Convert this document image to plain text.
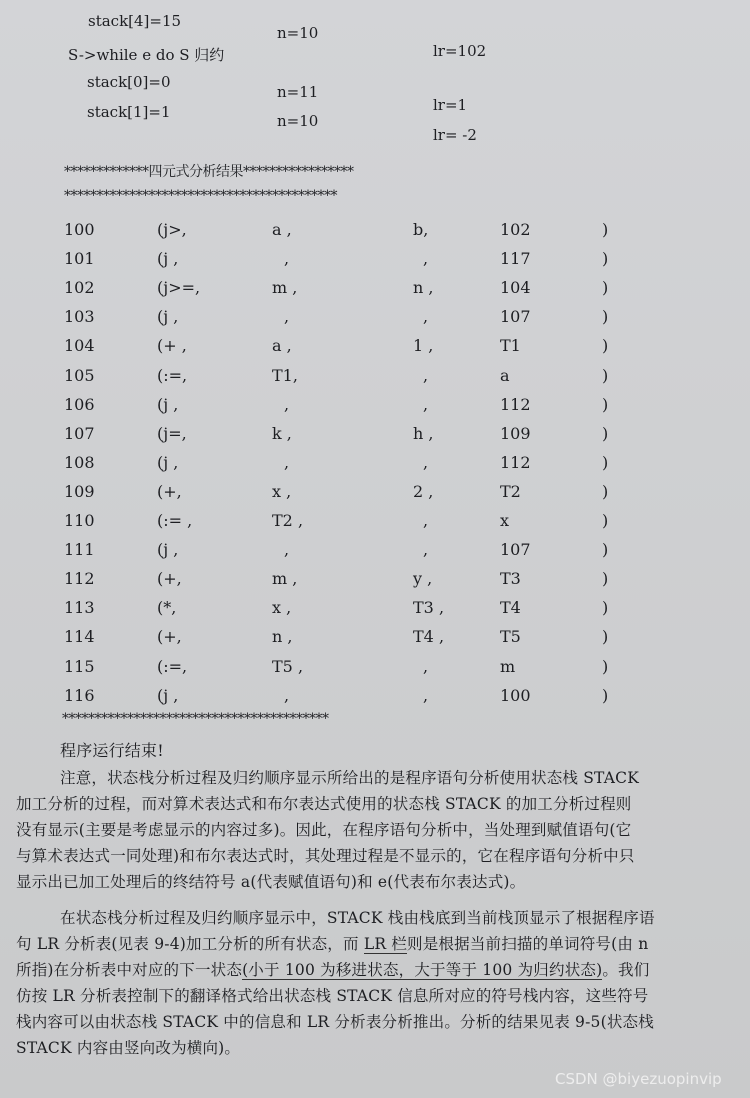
stack[4]=15
n=10
S->while e do S 归约	lr=102
stack[0]=0
n=11
stack[1]=1	n=10
lr=1
lr= -2
*************四元式分析结果*****************
******************************************
100	(j>,	a ,	b,	102	)
101	(j ,	,	,	117	)
102	(j>=,	m ,	n ,	104	)
103	(j ,	,	,	107	)
104	(+ ,	a ,	1 ,	T1	)
105	(:=,	T1,	,	a	)
106	(j ,	,	,	112	)
107	(j=,	k ,	h ,	109	)
108	(j ,	,	,	112	)
109	(+,	x ,	2 ,	T2	)
110	(:= ,	T2 ,	,	x	)
111	(j ,	,	,	107	)
112	(+,	m ,	y ,	T3	)
113	(*,	x ,	T3 ,	T4	)
114	(+,	n ,	T4 ,	T5	)
115	(:=,	T5 ,	,	m	)
116	(j ,	,	,	100	)
*****************************************
程序运行结束!
注意，状态栈分析过程及归约顺序显示所给出的是程序语句分析使用状态栈 STACK
加工分析的过程，而对算术表达式和布尔表达式使用的状态栈 STACK 的加工分析过程则
没有显示(主要是考虑显示的内容过多)。因此，在程序语句分析中，当处理到赋值语句(它
与算术表达式一同处理)和布尔表达式时，其处理过程是不显示的，它在程序语句分析中只
显示出已加工处理后的终结符号 a(代表赋值语句)和 e(代表布尔表达式)。
在状态栈分析过程及归约顺序显示中，STACK 栈由栈底到当前栈顶显示了根据程序语
句 LR 分析表(见表 9-4)加工分析的所有状态，而 LR 栏则是根据当前扫描的单词符号(由 n
所指)在分析表中对应的下一状态(小于 100 为移进状态，大于等于 100 为归约状态)。我们
仿按 LR 分析表控制下的翻译格式给出状态栈 STACK 信息所对应的符号栈内容，这些符号
栈内容可以由状态栈 STACK 中的信息和 LR 分析表分析推出。分析的结果见表 9-5(状态栈
STACK 内容由竖向改为横向)。
CSDN @biyezuopinvip
